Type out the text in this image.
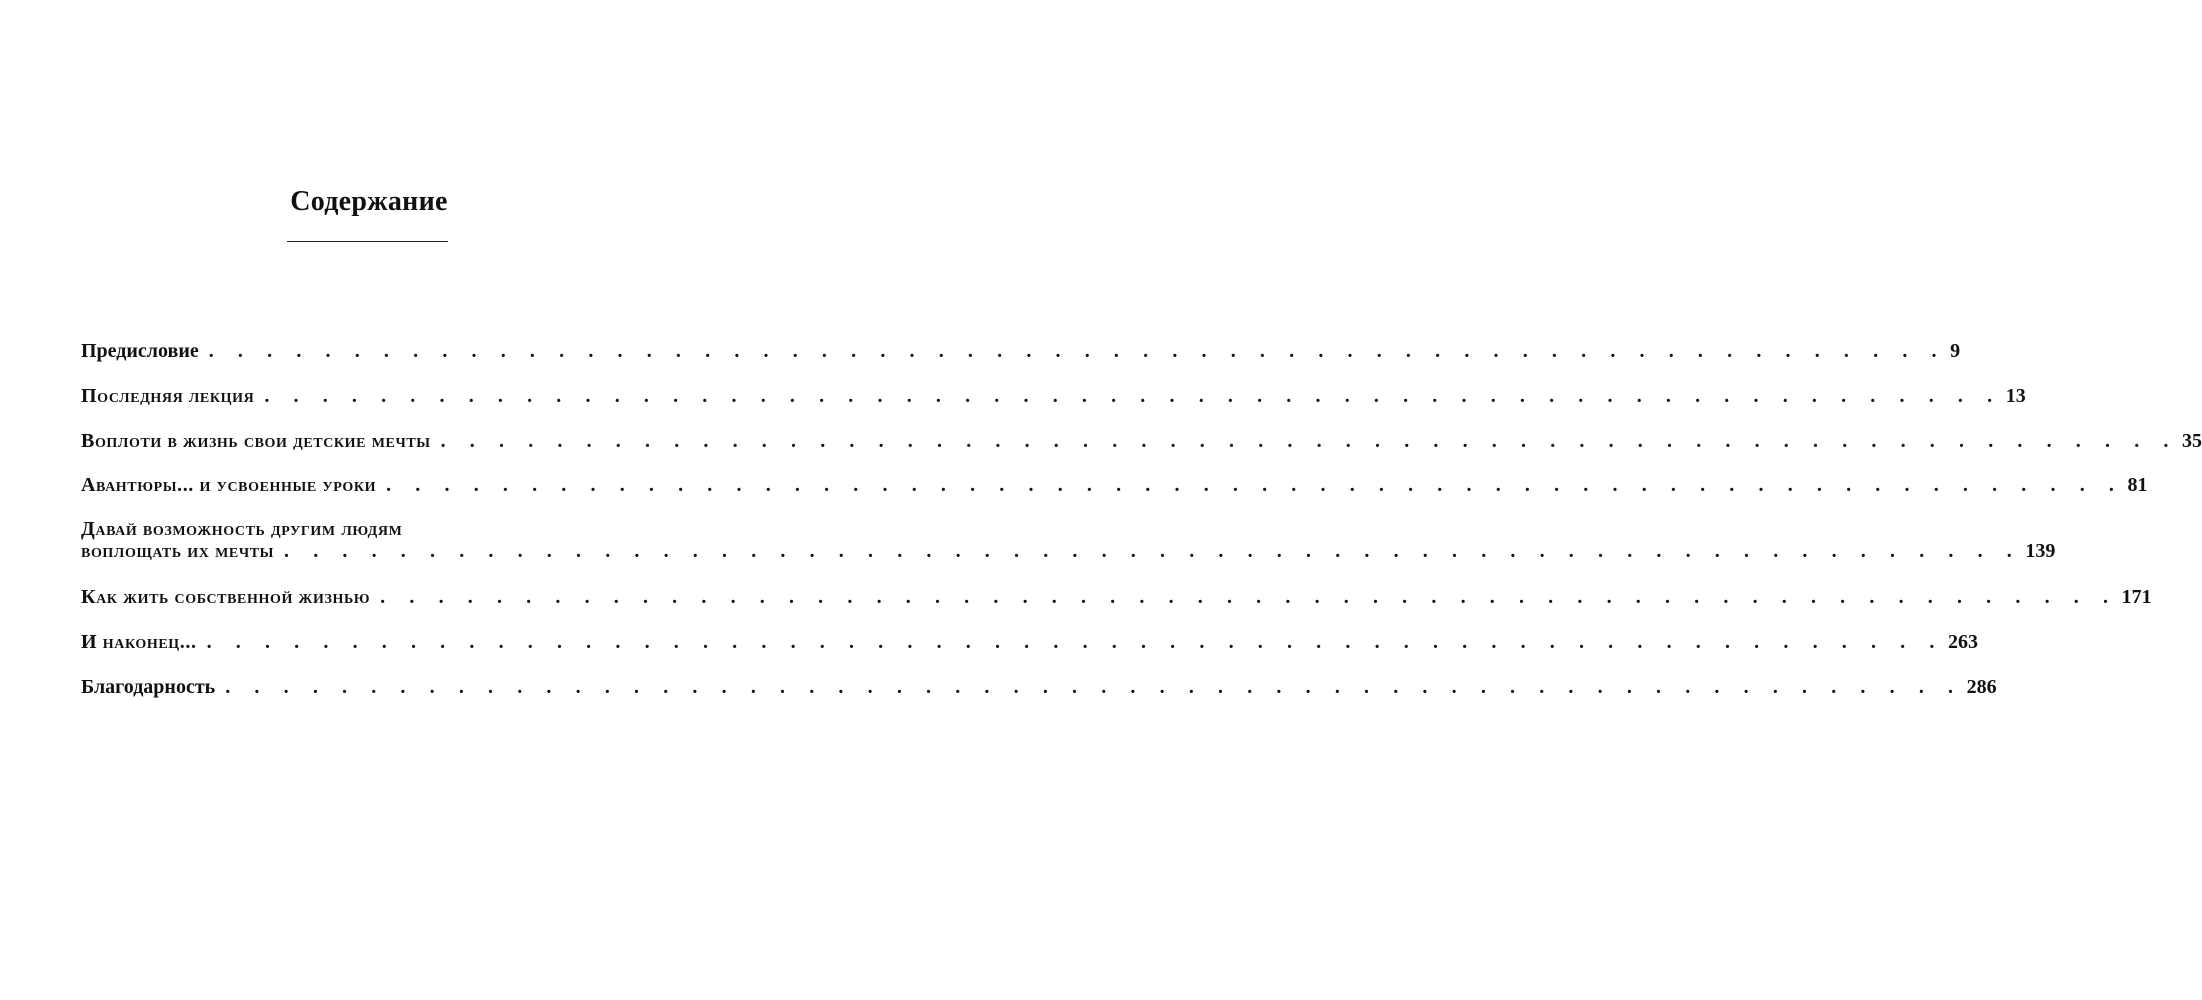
Содержание
Предисловие . . . . . . . . . . . . . . . . . . . . . . . . . . . . . . . . . . . . . . . . . . . . . . . . . . . . . . . . . . . . 9
Последняя лекция . . . . . . . . . . . . . . . . . . . . . . . . . . . . . . . . . . . . . . . . . . . . . . . . . . . . . . . . . . . . 13
Воплоти в жизнь свои детские мечты . . . . . . . . . . . . . . . . . . . . . . . . . . . . . . . . . . . . . . . . . . . . . . . . . . . . . . . . . . . . 35
Авантюры... и усвоенные уроки . . . . . . . . . . . . . . . . . . . . . . . . . . . . . . . . . . . . . . . . . . . . . . . . . . . . . . . . . . . . 81
Давай возможность другим людям
воплощать их мечты . . . . . . . . . . . . . . . . . . . . . . . . . . . . . . . . . . . . . . . . . . . . . . . . . . . . . . . . . . . . 139
Как жить собственной жизнью . . . . . . . . . . . . . . . . . . . . . . . . . . . . . . . . . . . . . . . . . . . . . . . . . . . . . . . . . . . . 171
И наконец... . . . . . . . . . . . . . . . . . . . . . . . . . . . . . . . . . . . . . . . . . . . . . . . . . . . . . . . . . . . . 263
Благодарность . . . . . . . . . . . . . . . . . . . . . . . . . . . . . . . . . . . . . . . . . . . . . . . . . . . . . . . . . . . . 286
